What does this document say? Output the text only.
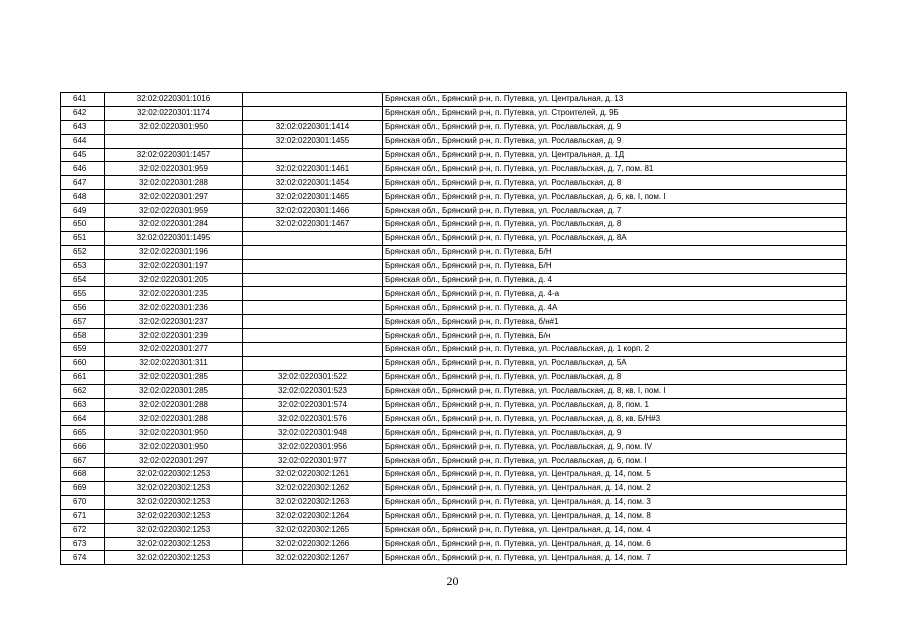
641	32:02:0220301:1016		Брянская обл., Брянский р-н, п. Путевка, ул. Центральная, д. 13
642	32:02:0220301:1174		Брянская обл., Брянский р-н, п. Путевка, ул. Строителей, д. 9Б
643	32:02:0220301:950	32:02:0220301:1414	Брянская обл., Брянский р-н, п. Путевка, ул. Рославльская, д. 9
644		32:02:0220301:1455	Брянская обл., Брянский р-н, п. Путевка, ул. Рославльская, д. 9
645	32:02:0220301:1457		Брянская обл., Брянский р-н, п. Путевка, ул. Центральная, д. 1Д
646	32:02:0220301:959	32:02:0220301:1461	Брянская обл., Брянский р-н, п. Путевка, ул. Рославльская, д. 7, пом. 81
647	32:02:0220301:288	32:02:0220301:1454	Брянская обл., Брянский р-н, п. Путевка, ул. Рославльская, д. 8
648	32:02:0220301:297	32:02:0220301:1465	Брянская обл., Брянский р-н, п. Путевка, ул. Рославльская, д. 6, кв. I, пом. I
649	32:02:0220301:959	32:02:0220301:1466	Брянская обл., Брянский р-н, п. Путевка, ул. Рославльская, д. 7
650	32:02:0220301:284	32:02:0220301:1467	Брянская обл., Брянский р-н, п. Путевка, ул. Рославльская, д. 8
651	32:02:0220301:1495		Брянская обл., Брянский р-н, п. Путевка, ул. Рославльская, д. 8А
652	32:02:0220301:196		Брянская обл., Брянский р-н, п. Путевка, Б/Н
653	32:02:0220301:197		Брянская обл., Брянский р-н, п. Путевка, Б/Н
654	32:02:0220301:205		Брянская обл., Брянский р-н, п. Путевка, д. 4
655	32:02:0220301:235		Брянская обл., Брянский р-н, п. Путевка, д. 4-а
656	32:02:0220301:236		Брянская обл., Брянский р-н, п. Путевка, д. 4А
657	32:02:0220301:237		Брянская обл., Брянский р-н, п. Путевка, б/н#1
658	32:02:0220301:239		Брянская обл., Брянский р-н, п. Путевка, Б/н
659	32:02:0220301:277		Брянская обл., Брянский р-н, п. Путевка, ул. Рославльская, д. 1 корп. 2
660	32:02:0220301:311		Брянская обл., Брянский р-н, п. Путевка, ул. Рославльская, д. 5А
661	32:02:0220301:285	32:02:0220301:522	Брянская обл., Брянский р-н, п. Путевка, ул. Рославльская, д. 8
662	32:02:0220301:285	32:02:0220301:523	Брянская обл., Брянский р-н, п. Путевка, ул. Рославльская, д. 8, кв. I, пом. I
663	32:02:0220301:288	32:02:0220301:574	Брянская обл., Брянский р-н, п. Путевка, ул. Рославльская, д. 8, пом. 1
664	32:02:0220301:288	32:02:0220301:576	Брянская обл., Брянский р-н, п. Путевка, ул. Рославльская, д. 8, кв. Б/Н#3
665	32:02:0220301:950	32:02:0220301:948	Брянская обл., Брянский р-н, п. Путевка, ул. Рославльская, д. 9
666	32:02:0220301:950	32:02:0220301:956	Брянская обл., Брянский р-н, п. Путевка, ул. Рославльская, д. 9, пом. IV
667	32:02:0220301:297	32:02:0220301:977	Брянская обл., Брянский р-н, п. Путевка, ул. Рославльская, д. 6, пом. I
668	32:02:0220302:1253	32:02:0220302:1261	Брянская обл., Брянский р-н, п. Путевка, ул. Центральная, д. 14, пом. 5
669	32:02:0220302:1253	32:02:0220302:1262	Брянская обл., Брянский р-н, п. Путевка, ул. Центральная, д. 14, пом. 2
670	32:02:0220302:1253	32:02:0220302:1263	Брянская обл., Брянский р-н, п. Путевка, ул. Центральная, д. 14, пом. 3
671	32:02:0220302:1253	32:02:0220302:1264	Брянская обл., Брянский р-н, п. Путевка, ул. Центральная, д. 14, пом. 8
672	32:02:0220302:1253	32:02:0220302:1265	Брянская обл., Брянский р-н, п. Путевка, ул. Центральная, д. 14, пом. 4
673	32:02:0220302:1253	32:02:0220302:1266	Брянская обл., Брянский р-н, п. Путевка, ул. Центральная, д. 14, пом. 6
674	32:02:0220302:1253	32:02:0220302:1267	Брянская обл., Брянский р-н, п. Путевка, ул. Центральная, д. 14, пом. 7
20
